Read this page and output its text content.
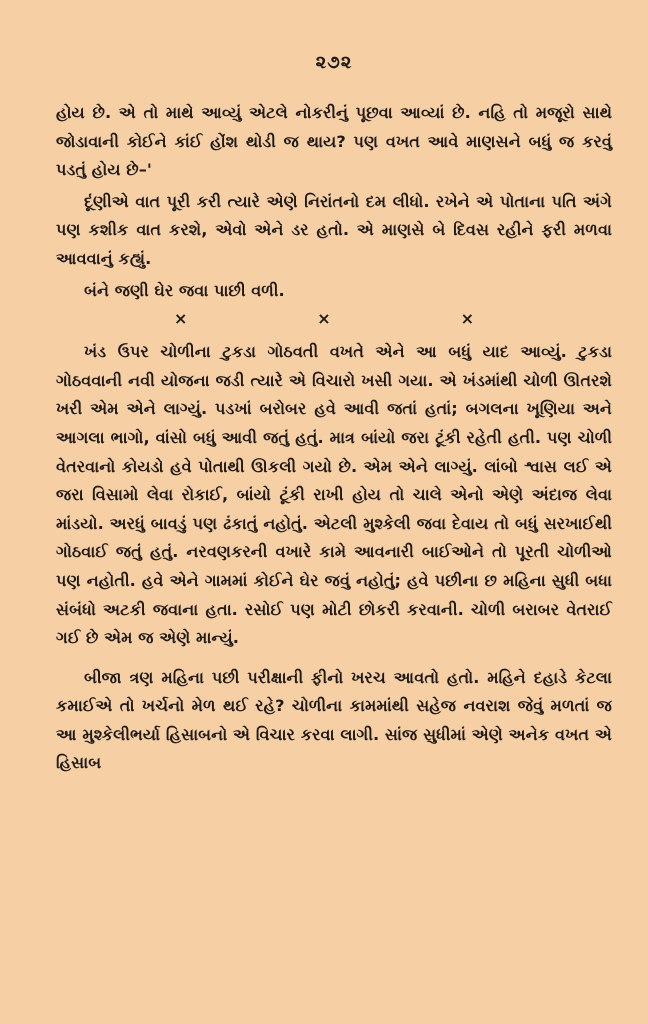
૨૭૨

હોય છે. એ તો માથે આવ્યું એટલે નોકરીનું પૂછવા આવ્યાં છે. નહિ તો મજૂરો સાથે જોડાવાની કોઈને કાંઈ હોંશ થોડી જ થાય? પણ વખત આવે માણસને બધું જ કરવું પડતું હોય છે–'

દૂંણીએ વાત પૂરી કરી ત્યારે એણે નિરાંતનો દમ લીધો. રખેને એ પોતાના પતિ અંગે પણ કશીક વાત કરશે, એવો એને ડર હતો. એ માણસે બે દિવસ રહીને ફરી મળવા આવવાનું કહ્યું.

બંને જણી ઘેર જવા પાછી વળી.

×	×	×

ખંડ ઉપર ચોળીના ટુકડા ગોઠવતી વખતે એને આ બધું યાદ આવ્યું. ટુકડા ગોઠવવાની નવી યોજના જડી ત્યારે એ વિચારો ખસી ગયા. એ ખંડમાંથી ચોળી ઊતરશે ખરી એમ એને લાગ્યું. પડખાં બરોબર હવે આવી જતાં હતાં; બગલના ખૂણિયા અને આગલા ભાગો, વાંસો બધું આવી જતું હતું. માત્ર બાંયો જરા ટૂંકી રહેતી હતી. પણ ચોળી વેતરવાનો કોયડો હવે પોતાથી ઊકલી ગયો છે. એમ એને લાગ્યું. લાંબો શ્વાસ લઈ એ જરા વિસામો લેવા રોકાઈ, બાંયો ટૂંકી રાખી હોય તો ચાલે એનો એણે અંદાજ લેવા માંડયો. અરધું બાવડું પણ ઢંકાતું નહોતું. એટલી મુશ્કેલી જવા દેવાય તો બધું સરખાઈથી ગોઠવાઈ જતું હતું. નરવણકરની વખારે કામે આવનારી બાઈઓને તો પૂરતી ચોળીઓ પણ નહોતી. હવે એને ગામમાં કોઈને ઘેર જવું નહોતું; હવે પછીના છ મહિના સુધી બધા સંબંધો અટકી જવાના હતા. રસોઈ પણ મોટી છોકરી કરવાની. ચોળી બરાબર વેતરાઈ ગઈ છે એમ જ એણે માન્યું.

બીજા ત્રણ મહિના પછી પરીક્ષાની ફીનો ખરચ આવતો હતો. મહિને દહાડે કેટલા કમાઈએ તો ખર્ચનો મેળ થઈ રહે? ચોળીના કામમાંથી સહેજ નવરાશ જેવું મળતાં જ આ મુશ્કેલીભર્યા હિસાબનો એ વિચાર કરવા લાગી. સાંજ સુધીમાં એણે અનેક વખત એ હિસાબ
